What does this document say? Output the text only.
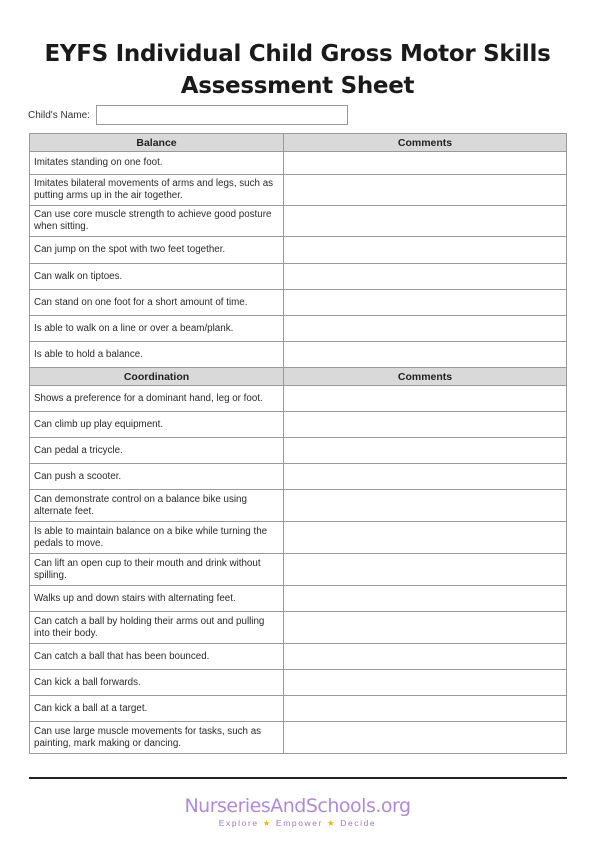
EYFS Individual Child Gross Motor Skills
Assessment Sheet
Child's Name:
Balance	Comments
Imitates standing on one foot.	
Imitates bilateral movements of arms and legs, such as putting arms up in the air together.	
Can use core muscle strength to achieve good posture when sitting.	
Can jump on the spot with two feet together.	
Can walk on tiptoes.	
Can stand on one foot for a short amount of time.	
Is able to walk on a line or over a beam/plank.	
Is able to hold a balance.	
Coordination	Comments
Shows a preference for a dominant hand, leg or foot.	
Can climb up play equipment.	
Can pedal a tricycle.	
Can push a scooter.	
Can demonstrate control on a balance bike using alternate feet.	
Is able to maintain balance on a bike while turning the pedals to move.	
Can lift an open cup to their mouth and drink without spilling.	
Walks up and down stairs with alternating feet.	
Can catch a ball by holding their arms out and pulling into their body.	
Can catch a ball that has been bounced.	
Can kick a ball forwards.	
Can kick a ball at a target.	
Can use large muscle movements for tasks, such as painting, mark making or dancing.	
NurseriesAndSchools.org
Explore ★ Empower ★ Decide
